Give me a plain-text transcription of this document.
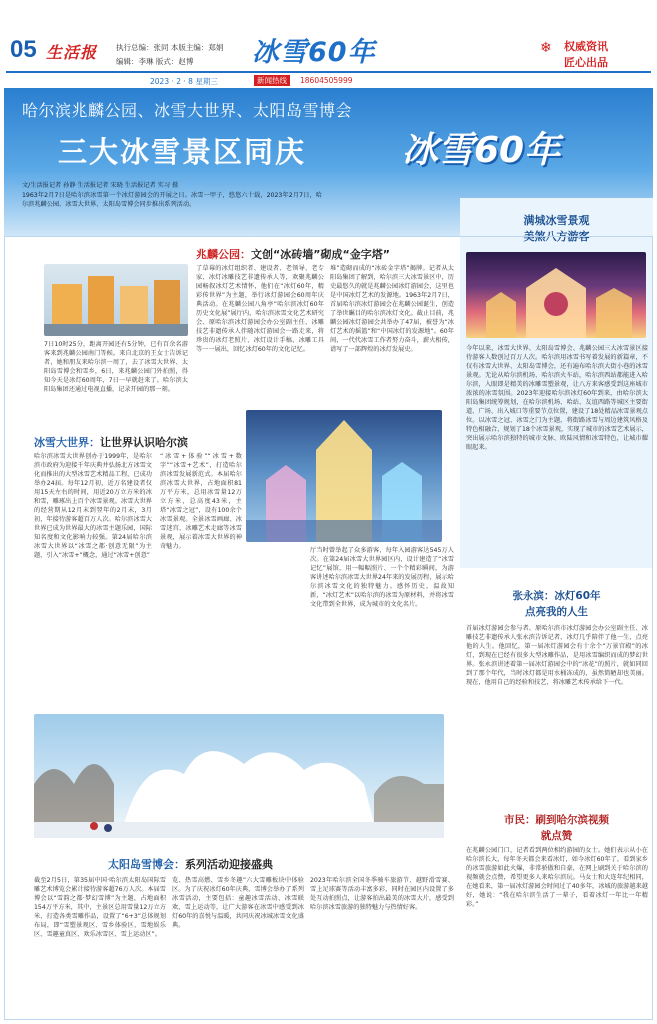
05 生活报	执行总编：张同 本版主编：郑娟
编辑：李琳 版式：赵博 冰雪60年	❄ 权威资讯
匠心出品
2023 · 2 · 8 星期三	新闻热线	18604505999
哈尔滨兆麟公园、冰雪大世界、太阳岛雪博会
三大冰雪景区同庆	冰雪60年
文/生活报记者 孙静 生活报记者 宋晓 生活报记者 实习 摄
1963年2月7日是哈尔滨冰雪第一个冰灯游园会的开展之日。冰雪一甲子，悠悠六十载，2023年2月7日，哈尔滨兆麟公园、冰雪大世界、太阳岛雪博会同步推出系列活动。
满城冰雪景观
美煞八方游客
今年以来，冰雪大世界、太阳岛雪博会、兆麟公园三大冰雪景区接待游客人数创过百万人次。哈尔滨用冰雪书写着发展的新篇章，不仅有冰雪大世界、太阳岛雪博会，还有遍布哈尔滨大街小巷的冰雪景观。无论从哈尔滨机场、哈尔滨火车站，哈尔滨西站都能进入哈尔滨，入眼即是精美的冰雕雪塑景观，让八方来客感受到这座城市浓浓的冰雪氛围。2023年迎接哈尔滨冰灯60年到来，由哈尔滨太阳岛集团统筹规划，在哈尔滨机场、哈站、友谊西路等城区主要街道、广场、出入城口等重要节点位置，建设了18处精品冰雪景观点位。以冰雪之冠、冰雪之门为主题，将街路冰雪与周边建筑风格及特色相融合，规划了18个冰雪景观，实现了城市的冰雪艺术展示，突出展示哈尔滨独特的城市文脉、欧陆风情和冰雪特色，让城市耀眼起来。
兆麟公园：文创“冰砖墙”砌成“金字塔”
7日10时25分，距离开园还有5分钟，已有百余名游客来到兆麟公园南门等候。来自北京的王女士告诉记者，她和朋友来哈尔滨一周了，去了冰雪大世界、太阳岛雪博会和雪乡，6日，来兆麟公园门外拍照，得知今天是冰灯60周年，7日一早就赶来了。哈尔滨太阳岛集团还通过电视直播，记录开园的那一刻。
了草莓的冰灯组织者、建设者、老领导、老专家、冰灯冰雕技艺非遗传承人等，欢聚兆麟公园畅叙冰灯艺术情怀，他们在“冰灯60年，精彩传世界”为主题，举行冰灯游园会60周年庆典活动。在兆麟公园八角亭“哈尔滨冰灯60年历史文化展”展厅内，哈尔滨冰雪文化艺术研究会、原哈尔滨冰灯游园会办公室副主任、冰雕技艺非遗传承人伴随冰灯游园会一路走来，将珍贵的冰灯老照片、冰灯设计手稿、冰雕工具等一一展出，回忆冰灯60年的文化记忆。
堆”造砌而成的“冰砖金字塔”揭牌。记者从太阳岛集团了解到，哈尔滨三大冰雪景区中，历史最悠久的就是兆麟公园冰灯游园会，这里也是中国冰灯艺术的发源地。1963年2月7日，首届哈尔滨冰灯游园会在兆麟公园诞生，创造了举世瞩目的哈尔滨冰灯文化。截止目前，兆麟公园冰灯游园会共举办了47届，被誉为“冰灯艺术的摇篮”和“中国冰灯的发源地”。60年间，一代代冰雪工作者努力奋斗，薪火相传，谱写了一部辉煌的冰灯发展史。
冰雪大世界：让世界认识哈尔滨
哈尔滨冰雪大世界创办于1999年，是哈尔滨市政府为迎接千年庆典并弘扬北方冰雪文化而推出的大型冰雪艺术精品工程，已成功举办24届。每年12月初，近万名建设者仅用15天左右的时间，用近20万立方米的冰和雪，雕琢出上百个冰雪景观。冰雪大世界的经营期从12月末到翌年的2月末，3月初，年接待游客超百万人次。哈尔滨冰雪大世界已成为世界最大的冰雪主题乐园，国际知名度和文化影响力较强。第24届哈尔滨冰雪大世界以“冰雪之都·创意无限”为主题，引入“冰雪+”概念，通过“冰雪+创意”
“冰雪+体验”“冰雪+数字”“冰雪+艺术”，打造哈尔滨冰雪发展新范式。本届哈尔滨冰雪大世界，占地面积81万平方米，总用冰雪量12万立方米，总高度43米，主塔“冰雪之冠”，设有100余个冰雪景观。全景冰雪画廊、冰雪迷宫、冰雕艺术走廊等冰雪景观，展示着冰雪大世界的神奇魅力。
厅当时曾举起了众多游客，每年入园游客达545万人次。在第24届冰雪大世界园区内，设计建造了“冰雪记忆”展馆，用一幅幅照片、一个个精彩瞬间，为游客讲述哈尔滨冰雪大世界24年来的发展历程，展示哈尔滨冰雪文化的独特魅力。感怀历史，温故知新，“冰灯艺术”以哈尔滨的冰雪为原材料，并将冰雪文化带到全世界，成为城市的文化名片。
张永滨：冰灯60年
点亮我的人生
首届冰灯游园会参与者、原哈尔滨市冰灯游园会办公室副主任、冰雕技艺非遗传承人张永滨告诉记者，冰灯几乎陪伴了他一生，点亮他的人生。他回忆，第一届冰灯游园会有十余个“万景宫殿”的冰灯，到现在已经有很多大型冰雕作品，是用冰雪编织而成的梦幻世界。张永滨讲述着第一届冰灯游园会中的“冰花”的照片，就如同回到了那个年代，当时冰灯都是用水桶冻成的，虽然简陋却也美丽。现在，他用自己的经验和技艺，将冰雕艺术传承给下一代。
市民：刷到哈尔滨视频
就点赞
在兆麟公园门口，记者看到两位相约游园的女士。她们表示从小在哈尔滨长大，每年冬天都会来看冰灯，如今冰灯60年了，看到家乡的冰雪旅游如此火爆，非常骄傲和自豪，在网上刷到关于哈尔滨的视频就会点赞，希望更多人来哈尔滨玩。马女士和大连年纪相同，在她看来，第一届冰灯游园会时间过了40多年，冰城的旅游越来越好，她说：“我在哈尔滨生活了一辈子，看着冰灯一年比一年精彩。”
太阳岛雪博会：系列活动迎接盛典
截至2月5日，第35届中国·哈尔滨太阳岛国际雪雕艺术博览会累计接待游客超76万人次。本届雪博会以“雪韵之都·梦幻雪博”为主题，占地面积154万平方米，其中，主景区总用雪量12万立方米，打造各类雪雕作品，设置了“6+3”总体规划布局，即“雪塑景观区、雪乡体验区、雪地娱乐区、雪趣童真区、欢乐冰雪区、雪上运动区”。
览、热雪高燃、雪乡冬趣”六大雪雕板块中体验区。为了庆祝冰灯60年庆典，雪博会举办了系列冰雪活动，主要包括：童趣冰雪活动、冰雪联欢、雪上运动等，让广大游客在冰雪中感受到冰灯60年的喜悦与温暖，共同庆祝冰城冰雪文化盛典。
2023年哈尔滨全国冬季骑车旅游节、越野滑雪赛、雪上足球赛等活动丰富多彩，同时在园区内设置了多处互动拍照点，让游客拍出最美的冰雪大片，感受到哈尔滨冰雪旅游的独特魅力与热情好客。
